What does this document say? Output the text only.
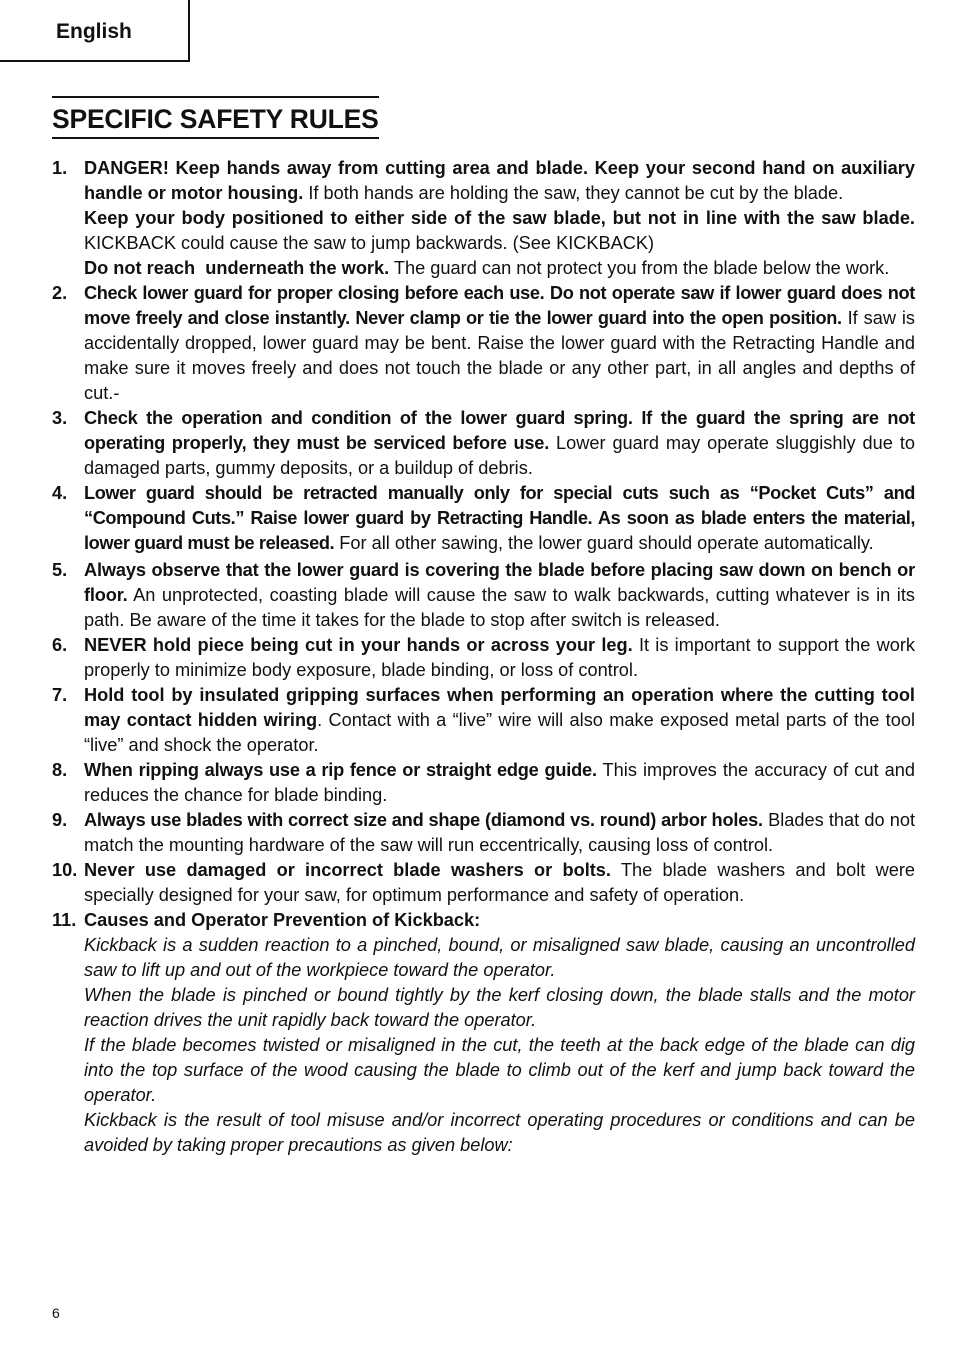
English
SPECIFIC SAFETY RULES
1. DANGER! Keep hands away from cutting area and blade. Keep your second hand on auxiliary handle or motor housing. If both hands are holding the saw, they cannot be cut by the blade.
Keep your body positioned to either side of the saw blade, but not in line with the saw blade. KICKBACK could cause the saw to jump backwards. (See KICKBACK)
Do not reach  underneath the work. The guard can not protect you from the blade below the work.
2. Check lower guard for proper closing before each use. Do not operate saw if lower guard does not move freely and close instantly. Never clamp or tie the lower guard into the open position. If saw is accidentally dropped, lower guard may be bent. Raise the lower guard with the Retracting Handle and make sure it moves freely and does not touch the blade or any other part, in all angles and depths of cut.-
3. Check the operation and condition of the lower guard spring. If the guard the spring are not operating properly, they must be serviced before use. Lower guard may operate sluggishly due to damaged parts, gummy deposits, or a buildup of debris.
4. Lower guard should be retracted manually only for special cuts such as “Pocket Cuts” and “Compound Cuts.” Raise lower guard by Retracting Handle. As soon as blade enters the material, lower guard must be released. For all other sawing, the lower guard should operate automatically.
5. Always observe that the lower guard is covering the blade before placing saw down on bench or floor. An unprotected, coasting blade will cause the saw to walk backwards, cutting whatever is in its path. Be aware of the time it takes for the blade to stop after switch is released.
6. NEVER hold piece being cut in your hands or across your leg. It is important to support the work properly to minimize body exposure, blade binding, or loss of control.
7. Hold tool by insulated gripping surfaces when performing an operation where the cutting tool may contact hidden wiring. Contact with a “live” wire will also make exposed metal parts of the tool “live” and shock the operator.
8. When ripping always use a rip fence or straight edge guide. This improves the accuracy of cut and reduces the chance for blade binding.
9. Always use blades with correct size and shape (diamond vs. round) arbor holes. Blades that do not match the mounting hardware of the saw will run eccentrically, causing loss of control.
10. Never use damaged or incorrect blade washers or bolts. The blade washers and bolt were specially designed for your saw, for optimum performance and safety of operation.
11. Causes and Operator Prevention of Kickback:
Kickback is a sudden reaction to a pinched, bound, or misaligned saw blade, causing an uncontrolled saw to lift up and out of the workpiece toward the operator.
When the blade is pinched or bound tightly by the kerf closing down, the blade stalls and the motor reaction drives the unit rapidly back toward the operator.
If the blade becomes twisted or misaligned in the cut, the teeth at the back edge of the blade can dig into the top surface of the wood causing the blade to climb out of the kerf and jump back toward the operator.
Kickback is the result of tool misuse and/or incorrect operating procedures or conditions and can be avoided by taking proper precautions as given below:
6
